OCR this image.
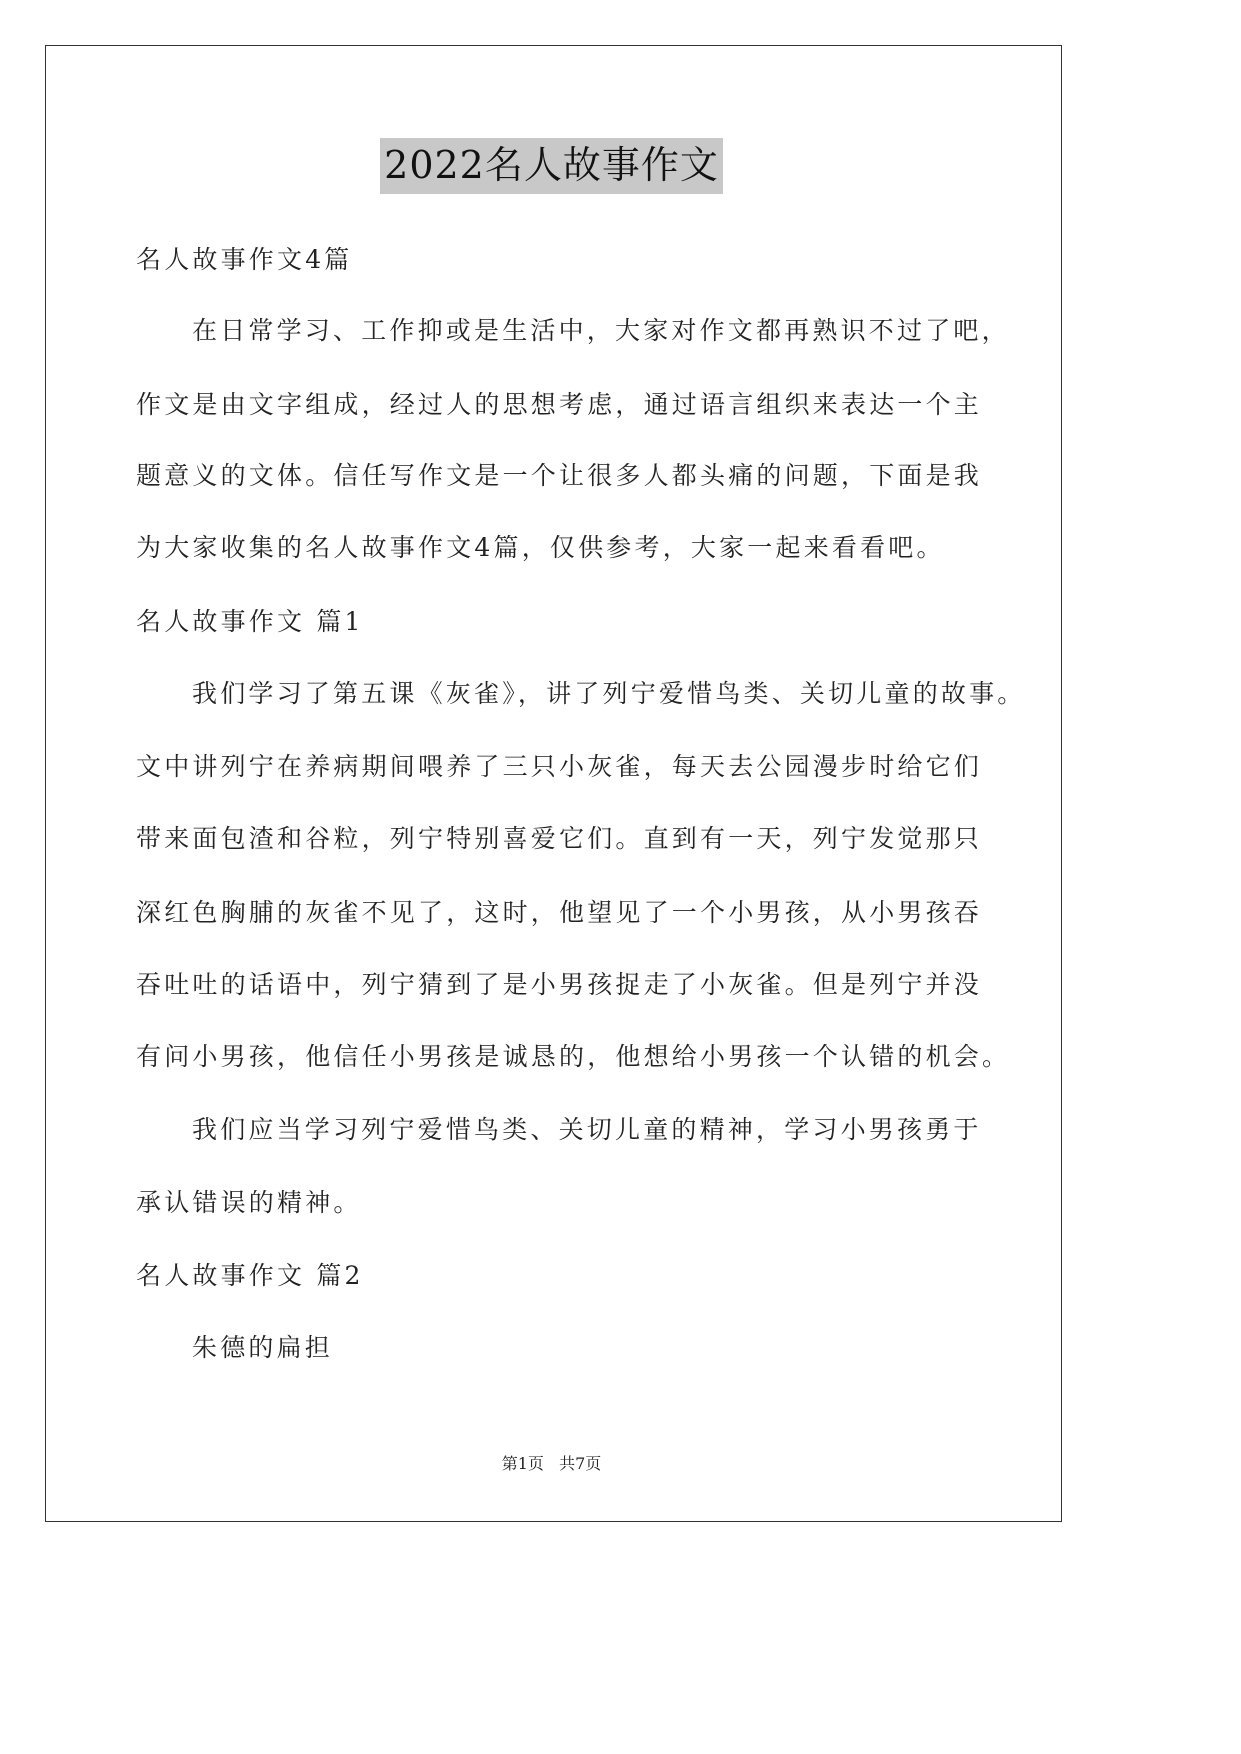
2022名人故事作文
名人故事作文4篇
在日常学习、工作抑或是生活中，大家对作文都再熟识不过了吧，
作文是由文字组成，经过人的思想考虑，通过语言组织来表达一个主
题意义的文体。信任写作文是一个让很多人都头痛的问题，下面是我
为大家收集的名人故事作文4篇，仅供参考，大家一起来看看吧。
名人故事作文 篇1
我们学习了第五课《灰雀》，讲了列宁爱惜鸟类、关切儿童的故事。
文中讲列宁在养病期间喂养了三只小灰雀，每天去公园漫步时给它们
带来面包渣和谷粒，列宁特别喜爱它们。直到有一天，列宁发觉那只
深红色胸脯的灰雀不见了，这时，他望见了一个小男孩，从小男孩吞
吞吐吐的话语中，列宁猜到了是小男孩捉走了小灰雀。但是列宁并没
有问小男孩，他信任小男孩是诚恳的，他想给小男孩一个认错的机会。
我们应当学习列宁爱惜鸟类、关切儿童的精神，学习小男孩勇于
承认错误的精神。
名人故事作文 篇2
朱德的扁担
第1页   共7页
